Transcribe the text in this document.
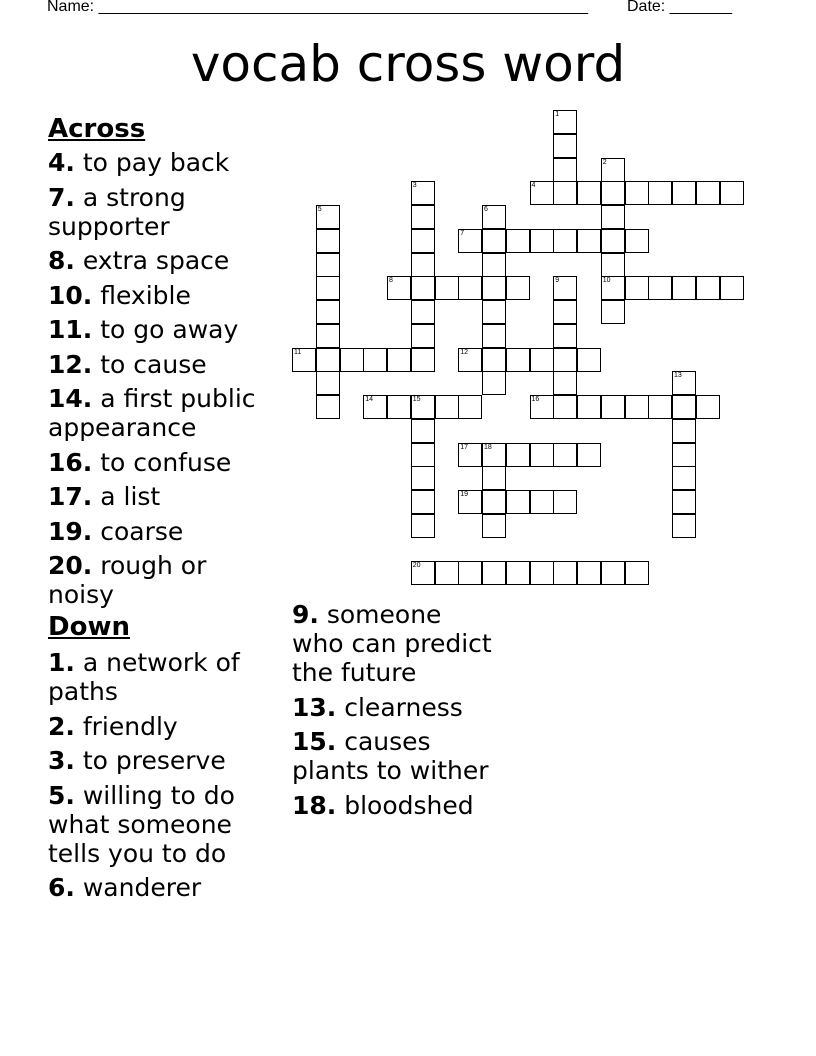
Name: _______________________________________________________

Date: _______

vocab cross word
Across
4. to pay back
7. a strong
supporter
8. extra space
10. flexible
11. to go away
12. to cause
14. a first public
appearance
16. to confuse
17. a list
19. coarse
20. rough or
noisy
Down
1. a network of
paths
2. friendly
3. to preserve
5. willing to do
what someone
tells you to do
6. wanderer
9. someone
who can predict
the future
13. clearness
15. causes
plants to wither
18. bloodshed
1
2
10
3	4
5	6
7
8	9
11	12
13
14	15	16
17 18
19
20
